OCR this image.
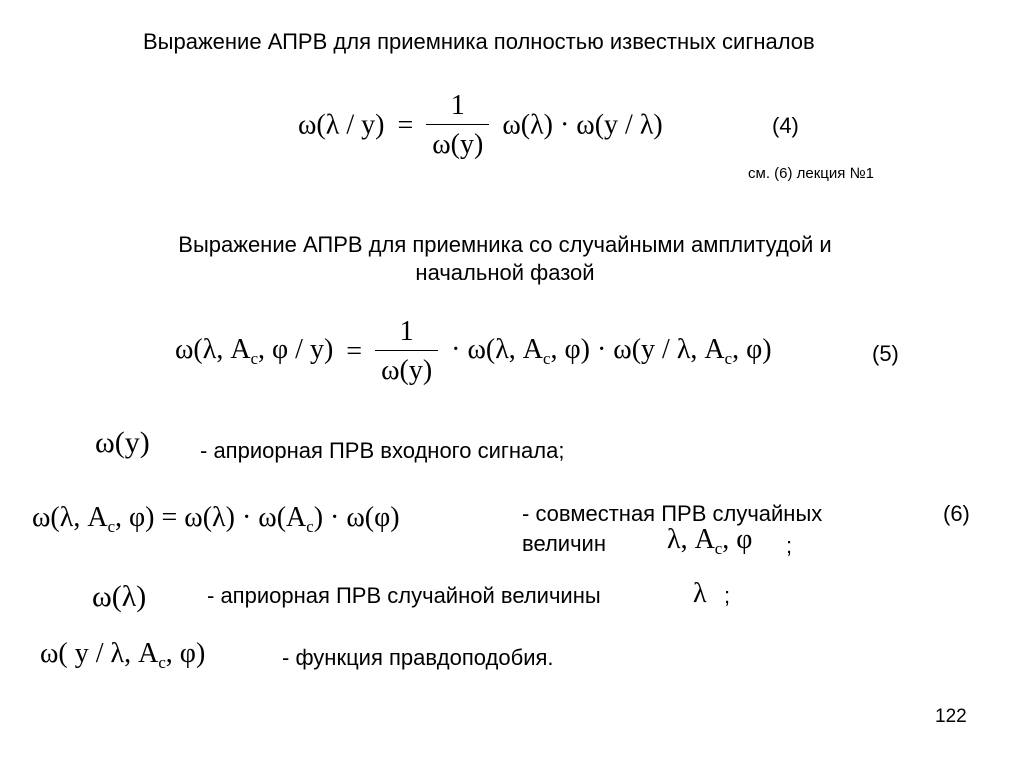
Выражение АПРВ для приемника полностью известных сигналов
$\omega(\lambda / y) = \frac{1}{\omega(y)} \omega(\lambda) \cdot \omega(y / \lambda)$	(4)
см. (6) лекция №1
Выражение АПРВ для приемника со случайными амплитудой и
начальной фазой
ω(λ, $A_c$, $\varphi / y) = \frac{1}{\omega(y)} \cdot \omega(\lambda$, $A_c$, φ) · ω(y / λ, $A_c$, φ)	(5)
ω(y) - априорная ПРВ входного сигнала;
ω(λ, $A_c$, $\varphi) = \omega(\lambda) \cdot \omega(A_c) \cdot \omega(\varphi)$	- совместная ПРВ случайных
величин λ, $A_c$, φ ;
(6)
ω(λ)	- априорная ПРВ случайной величины	λ ;
ω( y / λ, $A_c$, φ)	- функция правдоподобия.
122
